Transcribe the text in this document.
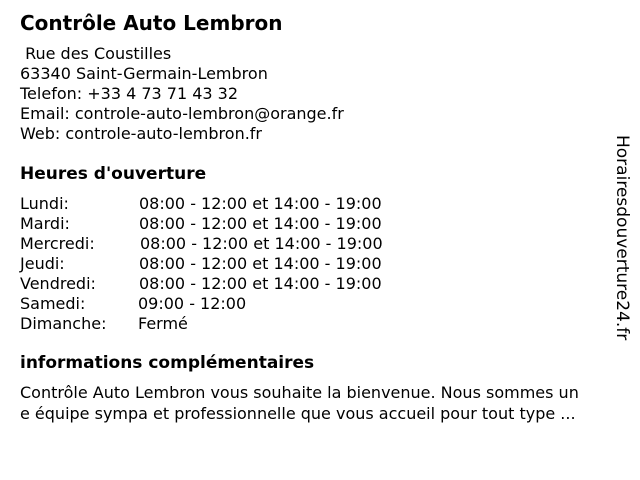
Contrôle Auto Lembron
Rue des Coustilles
63340 Saint-Germain-Lembron
Telefon: +33 4 73 71 43 32
Email: controle-auto-lembron@orange.fr
Web: controle-auto-lembron.fr
Heures d'ouverture
Lundi:	08:00 - 12:00 et 14:00 - 19:00
Mardi:	08:00 - 12:00 et 14:00 - 19:00
Mercredi:	08:00 - 12:00 et 14:00 - 19:00
Jeudi:	08:00 - 12:00 et 14:00 - 19:00
Vendredi:	08:00 - 12:00 et 14:00 - 19:00
Samedi:	09:00 - 12:00
Dimanche: Fermé
informations complémentaires
Contrôle Auto Lembron vous souhaite la bienvenue. Nous sommes un
e équipe sympa et professionnelle que vous accueil pour tout type ...
Horairesdouverture24.fr
